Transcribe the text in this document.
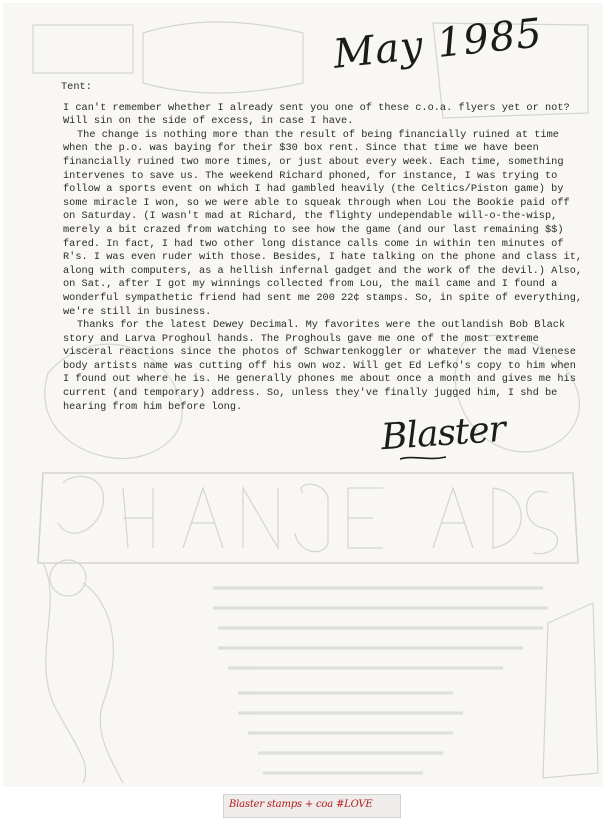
May 1985
Tent:

I can't remember whether I already sent you one of these c.o.a. flyers yet or not? Will sin on the side of excess, in case I have.

The change is nothing more than the result of being financially ruined at time when the p.o. was baying for their $30 box rent. Since that time we have been financially ruined two more times, or just about every week. Each time, something intervenes to save us. The weekend Richard phoned, for instance, I was trying to follow a sports event on which I had gambled heavily (the Celtics/Piston game) by some miracle I won, so we were able to squeak through when Lou the Bookie paid off on Saturday. (I wasn't mad at Richard, the flighty undependable will-o-the-wisp, merely a bit crazed from watching to see how the game (and our last remaining $$) fared. In fact, I had two other long distance calls come in within ten minutes of R's. I was even ruder with those. Besides, I hate talking on the phone and class it, along with computers, as a hellish infernal gadget and the work of the devil.) Also, on Sat., after I got my winnings collected from Lou, the mail came and I found a wonderful sympathetic friend had sent me 200 22¢ stamps. So, in spite of everything, we're still in business.

Thanks for the latest Dewey Decimal. My favorites were the outlandish Bob Black story and Larva Proghoul hands. The Proghouls gave me one of the most extreme visceral reactions since the photos of Schwartenkoggler or whatever the mad Vienese body artists name was cutting off his own woz. Will get Ed Lefko's copy to him when I found out where he is. He generally phones me about once a month and gives me his current (and temporary) address. So, unless they've finally jugged him, I shd be hearing from him before long.

Blaster
Blaster stamps + coa #LOVE
